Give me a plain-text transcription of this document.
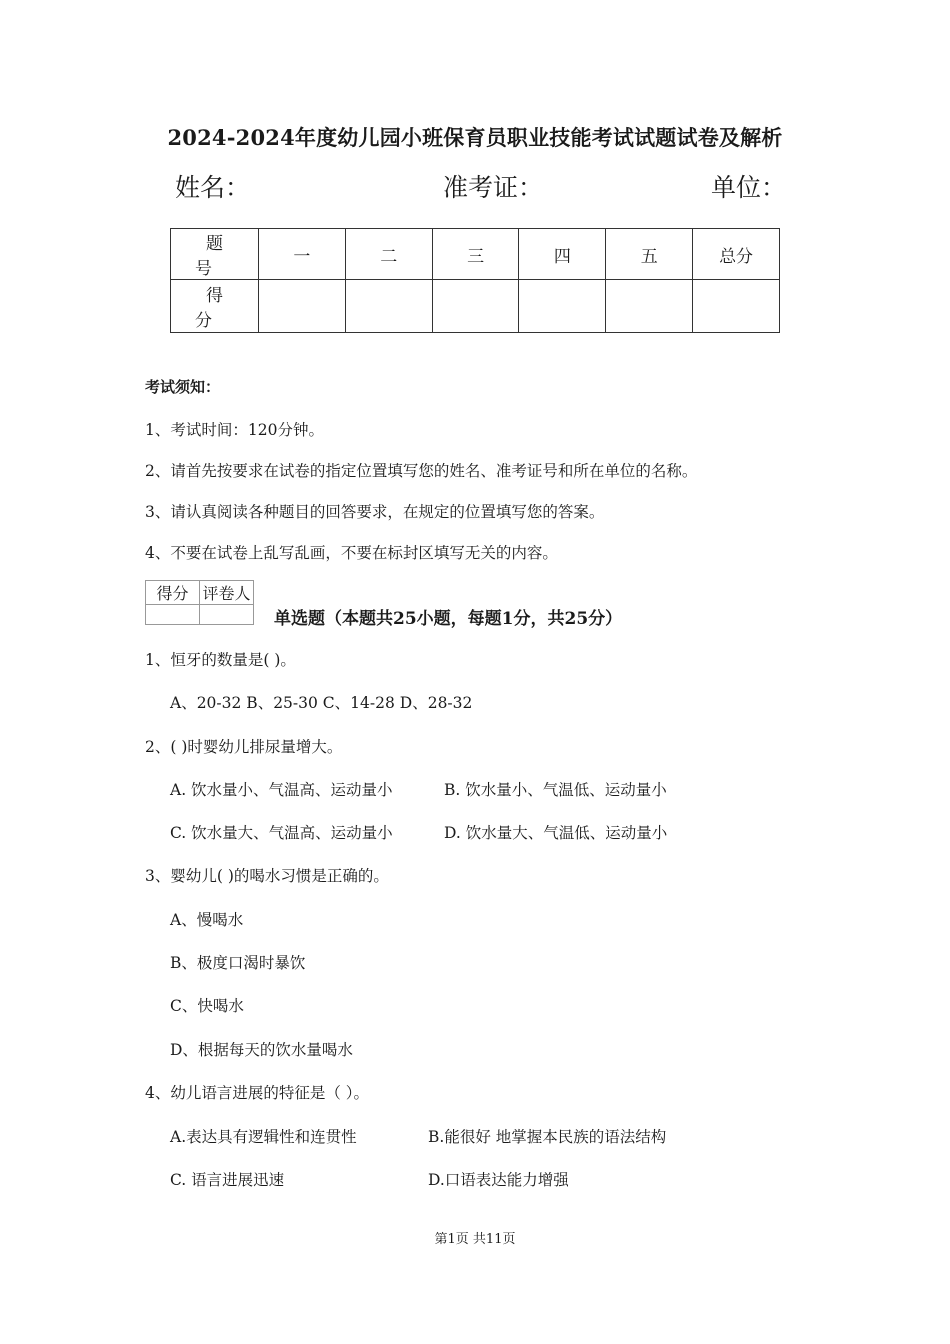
2024-2024年度幼儿园小班保育员职业技能考试试题试卷及解析
姓名：	准考证：	单位：
题 号	一	二	三	四	五	总分
得 分						
考试须知：
1、考试时间：120分钟。
2、请首先按要求在试卷的指定位置填写您的姓名、准考证号和所在单位的名称。
3、请认真阅读各种题目的回答要求，在规定的位置填写您的答案。
4、不要在试卷上乱写乱画，不要在标封区填写无关的内容。
得分	评卷人

单选题（本题共25小题，每题1分，共25分）
1、恒牙的数量是( )。
A、20-32 B、25-30 C、14-28 D、28-32
2、( )时婴幼儿排尿量增大。
A. 饮水量小、气温高、运动量小	B. 饮水量小、气温低、运动量小
C. 饮水量大、气温高、运动量小	D. 饮水量大、气温低、运动量小
3、婴幼儿( )的喝水习惯是正确的。
A、慢喝水
B、极度口渴时暴饮
C、快喝水
D、根据每天的饮水量喝水
4、幼儿语言进展的特征是（ ）。
A.表达具有逻辑性和连贯性	B.能很好 地掌握本民族的语法结构
C. 语言进展迅速	D.口语表达能力增强
第1页 共11页
